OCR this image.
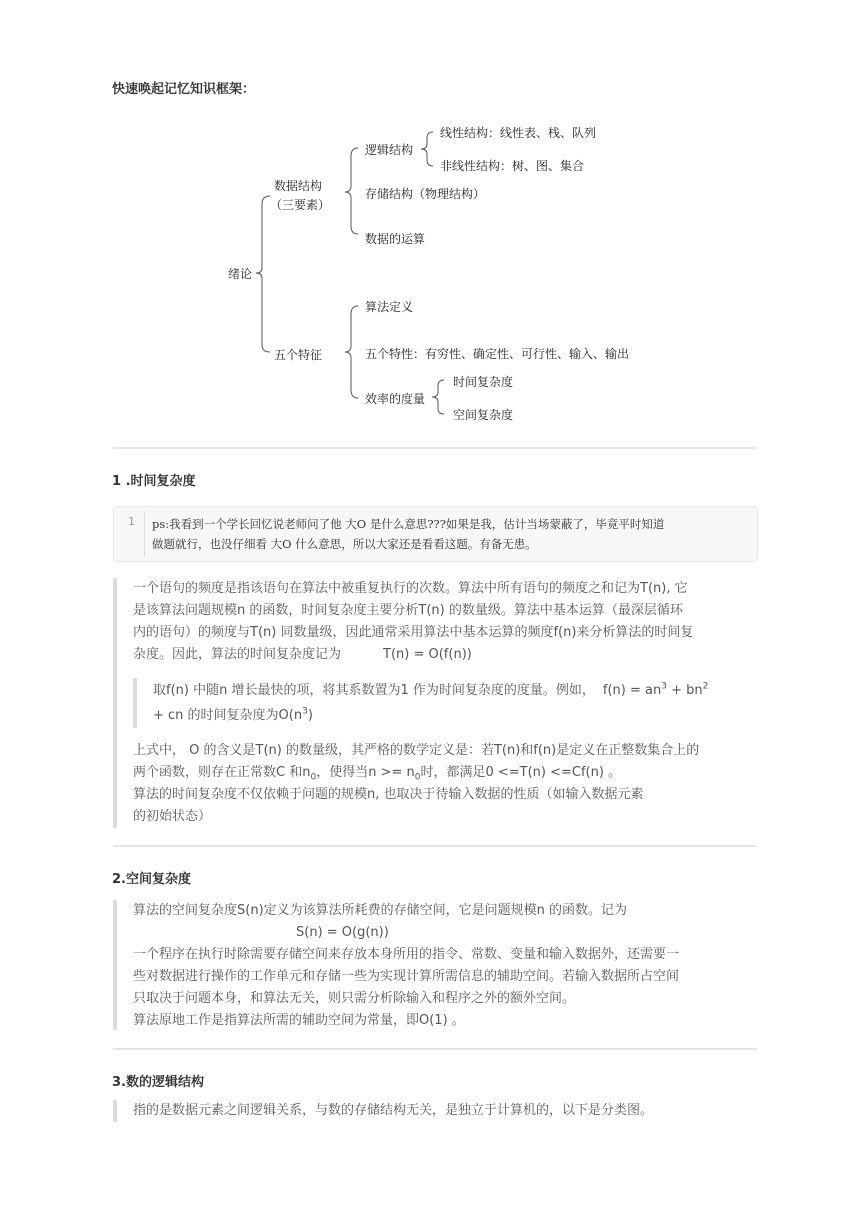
快速唤起记忆知识框架：
绪论
数据结构
（三要素）
逻辑结构
线性结构：线性表、栈、队列
非线性结构：树、图、集合
存储结构（物理结构）
数据的运算
五个特征
算法定义
五个特性：有穷性、确定性、可行性、输入、输出
效率的度量
时间复杂度
空间复杂度
1 .时间复杂度
1 ps:我看到一个学长回忆说老师问了他 大O 是什么意思???如果是我，估计当场蒙蔽了，毕竟平时知道
做题就行，也没仔细看 大O 什么意思，所以大家还是看看这题。有备无患。
一个语句的频度是指该语句在算法中被重复执行的次数。算法中所有语句的频度之和记为T(n), 它
是该算法问题规模n 的函数，时间复杂度主要分析T(n) 的数量级。算法中基本运算（最深层循环
内的语句）的频度与T(n) 同数量级，因此通常采用算法中基本运算的频度f(n)来分析算法的时间复
杂度。因此，算法的时间复杂度记为	T(n) = O(f(n))
取f(n) 中随n 增长最快的项，将其系数置为1 作为时间复杂度的度量。例如， $f(n) = an^3 + bn^2$
+ cn 的时间复杂度为$O(n^3)$
上式中， O 的含义是T(n) 的数量级，其严格的数学定义是：若T(n)和f(n)是定义在正整数集合上的
两个函数，则存在正常数C 和$n_0$，使得当$n >= n_0$时，都满足0 <=T(n) <=Cf(n) 。
算法的时间复杂度不仅依赖于问题的规模n, 也取决于待输入数据的性质（如输入数据元素
的初始状态）
2.空间复杂度
算法的空间复杂度S(n)定义为该算法所耗费的存储空间，它是问题规模n 的函数。记为
S(n) = O(g(n))
一个程序在执行时除需要存储空间来存放本身所用的指令、常数、变量和输入数据外，还需要一
些对数据进行操作的工作单元和存储一些为实现计算所需信息的辅助空间。若输入数据所占空间
只取决于问题本身，和算法无关，则只需分析除输入和程序之外的额外空间。
算法原地工作是指算法所需的辅助空间为常量，即O(1) 。
3.数的逻辑结构
指的是数据元素之间逻辑关系，与数的存储结构无关，是独立于计算机的，以下是分类图。
